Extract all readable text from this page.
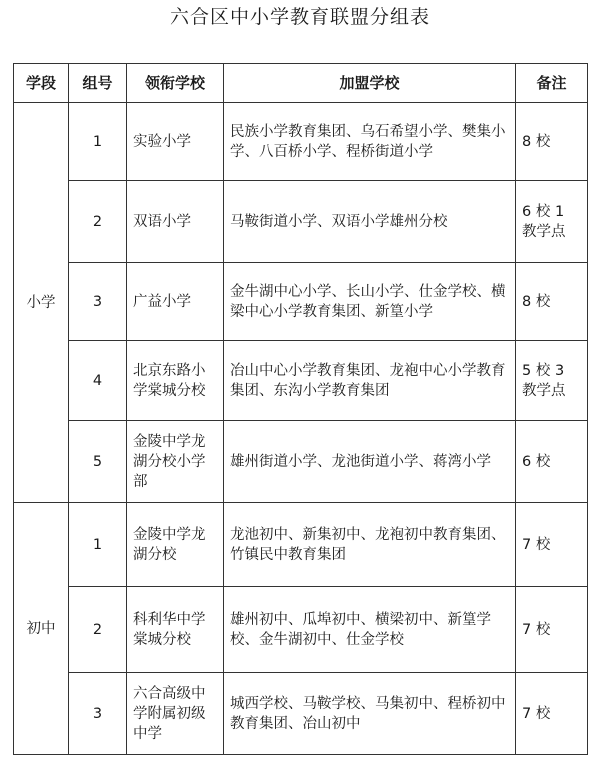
六合区中小学教育联盟分组表
学段	组号	领衔学校	加盟学校	备注
小学	1	实验小学	民族小学教育集团、乌石希望小学、樊集小学、八百桥小学、程桥街道小学	8 校
	2	双语小学	马鞍街道小学、双语小学雄州分校	6 校 1 教学点
	3	广益小学	金牛湖中心小学、长山小学、仕金学校、横梁中心小学教育集团、新篁小学	8 校
	4	北京东路小学棠城分校	冶山中心小学教育集团、龙袍中心小学教育集团、东沟小学教育集团	5 校 3 教学点
	5	金陵中学龙湖分校小学部	雄州街道小学、龙池街道小学、蒋湾小学	6 校
初中	1	金陵中学龙湖分校	龙池初中、新集初中、龙袍初中教育集团、竹镇民中教育集团	7 校
	2	科利华中学棠城分校	雄州初中、瓜埠初中、横梁初中、新篁学校、金牛湖初中、仕金学校	7 校
	3	六合高级中学附属初级中学	城西学校、马鞍学校、马集初中、程桥初中教育集团、冶山初中	7 校
